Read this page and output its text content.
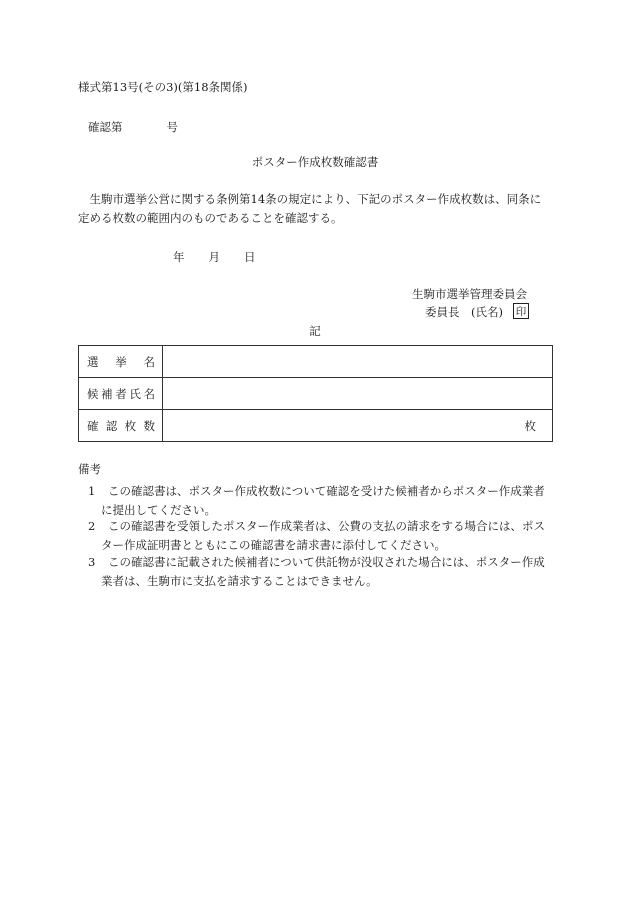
様式第13号(その3)(第18条関係)
確認第	号
ポスター作成枚数確認書
　生駒市選挙公営に関する条例第14条の規定により、下記のポスター作成枚数は、同条に
定める枚数の範囲内のものであることを確認する。
年 月 日
生駒市選挙管理委員会
委員長　(氏名) 印
記
選挙名	
候補者氏名	
確認枚数	枚
備考
1 この確認書は、ポスター作成枚数について確認を受けた候補者からポスター作成業者
に提出してください。
2 この確認書を受領したポスター作成業者は、公費の支払の請求をする場合には、ポス
ター作成証明書とともにこの確認書を請求書に添付してください。
3 この確認書に記載された候補者について供託物が没収された場合には、ポスター作成
業者は、生駒市に支払を請求することはできません。
